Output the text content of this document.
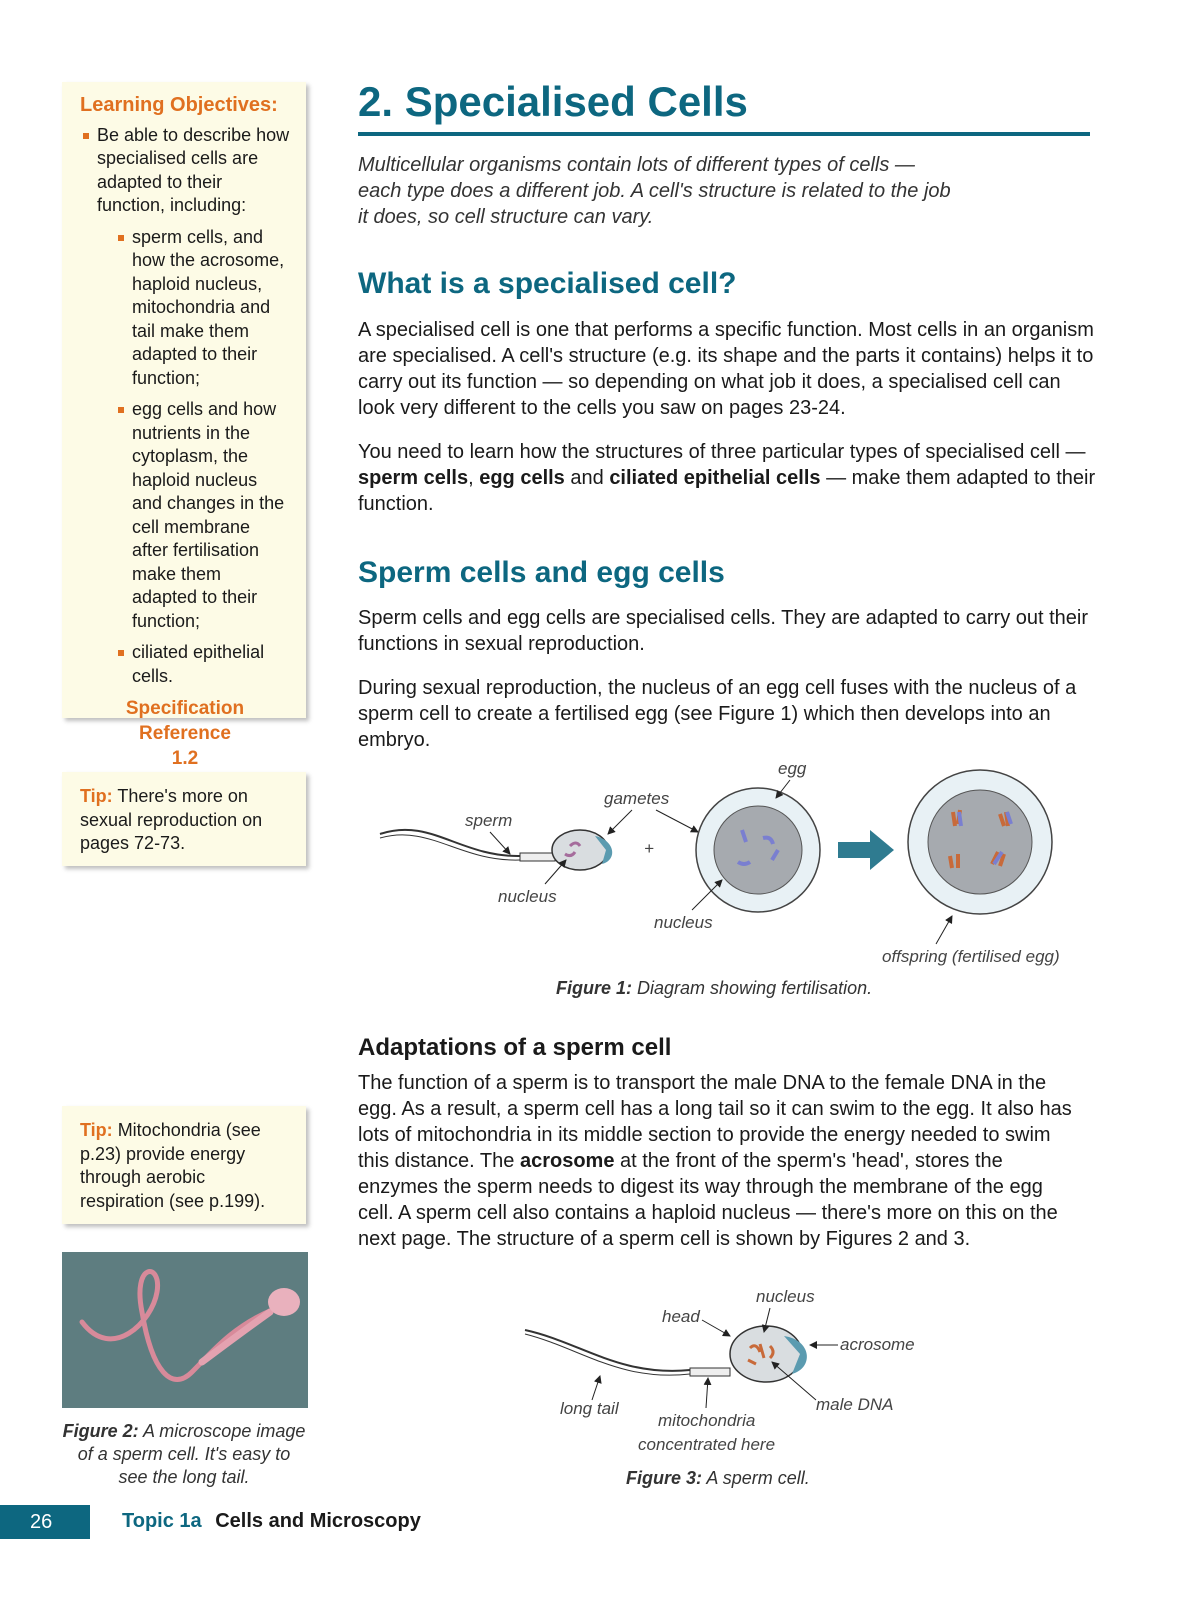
Learning Objectives:
Be able to describe how specialised cells are adapted to their function, including:
sperm cells, and how the acrosome, haploid nucleus, mitochondria and tail make them adapted to their function;
egg cells and how nutrients in the cytoplasm, the haploid nucleus and changes in the cell membrane after fertilisation make them adapted to their function;
ciliated epithelial cells.
Specification Reference
1.2
Tip: There's more on sexual reproduction on pages 72-73.
Tip: Mitochondria (see p.23) provide energy through aerobic respiration (see p.199).
Figure 2: A microscope image of a sperm cell. It's easy to see the long tail.
2. Specialised Cells
Multicellular organisms contain lots of different types of cells — each type does a different job. A cell's structure is related to the job it does, so cell structure can vary.
What is a specialised cell?
A specialised cell is one that performs a specific function. Most cells in an organism are specialised. A cell's structure (e.g. its shape and the parts it contains) helps it to carry out its function — so depending on what job it does, a specialised cell can look very different to the cells you saw on pages 23-24.
You need to learn how the structures of three particular types of specialised cell — sperm cells, egg cells and ciliated epithelial cells — make them adapted to their function.
Sperm cells and egg cells
Sperm cells and egg cells are specialised cells. They are adapted to carry out their functions in sexual reproduction.
During sexual reproduction, the nucleus of an egg cell fuses with the nucleus of a sperm cell to create a fertilised egg (see Figure 1) which then develops into an embryo.
sperm
nucleus
gametes
+
egg
nucleus
offspring (fertilised egg)
Figure 1: Diagram showing fertilisation.
Adaptations of a sperm cell
The function of a sperm is to transport the male DNA to the female DNA in the egg. As a result, a sperm cell has a long tail so it can swim to the egg. It also has lots of mitochondria in its middle section to provide the energy needed to swim this distance. The acrosome at the front of the sperm's 'head', stores the enzymes the sperm needs to digest its way through the membrane of the egg cell. A sperm cell also contains a haploid nucleus — there's more on this on the next page. The structure of a sperm cell is shown by Figures 2 and 3.
nucleus
head
acrosome
male DNA
long tail
mitochondria
concentrated here
Figure 3: A sperm cell.
26	Topic 1a Cells and Microscopy
